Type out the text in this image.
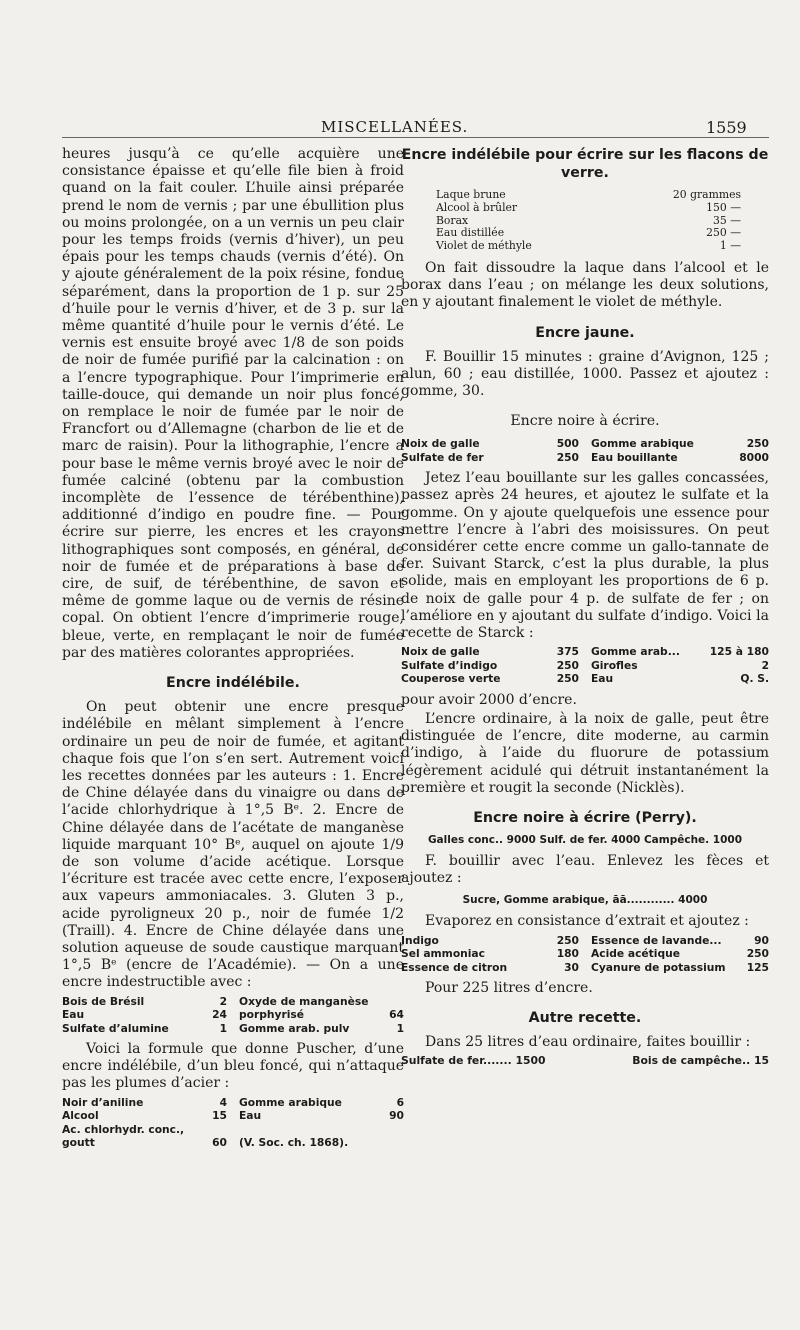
MISCELLANÉES.	1559

heures jusqu’à ce qu’elle acquière une consistance épaisse et qu’elle file bien à froid quand on la fait couler. L’huile ainsi préparée prend le nom de vernis ; par une ébullition plus ou moins prolongée, on a un vernis un peu clair pour les temps froids (vernis d’hiver), un peu épais pour les temps chauds (vernis d’été). On y ajoute généralement de la poix résine, fondue séparément, dans la proportion de 1 p. sur 25 d’huile pour le vernis d’hiver, et de 3 p. sur la même quantité d’huile pour le vernis d’été. Le vernis est ensuite broyé avec 1/8 de son poids de noir de fumée purifié par la calcination : on a l’encre typographique. Pour l’imprimerie en taille-douce, qui demande un noir plus foncé, on remplace le noir de fumée par le noir de Francfort ou d’Allemagne (charbon de lie et de marc de raisin). Pour la lithographie, l’encre a pour base le même vernis broyé avec le noir de fumée calciné (obtenu par la combustion incomplète de l’essence de térébenthine), additionné d’indigo en poudre fine. — Pour écrire sur pierre, les encres et les crayons lithographiques sont composés, en général, de noir de fumée et de préparations à base de cire, de suif, de térébenthine, de savon et même de gomme laque ou de vernis de résine copal. On obtient l’encre d’imprimerie rouge, bleue, verte, en remplaçant le noir de fumée par des matières colorantes appropriées.

Encre indélébile.

On peut obtenir une encre presque indélébile en mêlant simplement à l’encre ordinaire un peu de noir de fumée, et agitant chaque fois que l’on s’en sert. Autrement voici les recettes données par les auteurs : 1. Encre de Chine délayée dans du vinaigre ou dans de l’acide chlorhydrique à 1°,5 Bᵉ. 2. Encre de Chine délayée dans de l’acétate de manganèse liquide marquant 10° Bᵉ, auquel on ajoute 1/9 de son volume d’acide acétique. Lorsque l’écriture est tracée avec cette encre, l’exposer aux vapeurs ammoniacales. 3. Gluten 3 p., acide pyroligneux 20 p., noir de fumée 1/2 (Traill). 4. Encre de Chine délayée dans une solution aqueuse de soude caustique marquant 1°,5 Bᵉ (encre de l’Académie). — On a une encre indestructible avec :

Bois de Brésil	2 Oxyde de manganèse
Eau	24 porphyrisé	64
Sulfate d’alumine	1 Gomme arab. pulv	1

Voici la formule que donne Puscher, d’une encre indélébile, d’un bleu foncé, qui n’attaque pas les plumes d’acier :

Noir d’aniline	4 Gomme arabique	6
Alcool	15 Eau	90
Ac. chlorhydr. conc.,
goutt	60 (V. Soc. ch. 1868).
Encre indélébile pour écrire sur les flacons de verre.
Laque brune	20 grammes
Alcool à brûler	150 —
Borax	35 —
Eau distillée	250 —
Violet de méthyle	1 —

On fait dissoudre la laque dans l’alcool et le borax dans l’eau ; on mélange les deux solutions, en y ajoutant finalement le violet de méthyle.

Encre jaune.

F. Bouillir 15 minutes : graine d’Avignon, 125 ; alun, 60 ; eau distillée, 1000. Passez et ajoutez : gomme, 30.

Encre noire à écrire.
Noix de galle	500 Gomme arabique	250
Sulfate de fer	250 Eau bouillante	8000

Jetez l’eau bouillante sur les galles concassées, passez après 24 heures, et ajoutez le sulfate et la gomme. On y ajoute quelquefois une essence pour mettre l’encre à l’abri des moisissures. On peut considérer cette encre comme un gallo-tannate de fer. Suivant Starck, c’est la plus durable, la plus solide, mais en employant les proportions de 6 p. de noix de galle pour 4 p. de sulfate de fer ; on l’améliore en y ajoutant du sulfate d’indigo. Voici la recette de Starck :

Noix de galle	375 Gomme arab...	125 à 180
Sulfate d’indigo	250 Girofles	2
Couperose verte	250 Eau	Q. S.

pour avoir 2000 d’encre.

L’encre ordinaire, à la noix de galle, peut être distinguée de l’encre, dite moderne, au carmin d’indigo, à l’aide du fluorure de potassium légèrement acidulé qui détruit instantanément la première et rougit la seconde (Nicklès).

Encre noire à écrire (Perry).
Galles conc.. 9000 Sulf. de fer. 4000 Campêche. 1000

F. bouillir avec l’eau. Enlevez les fèces et ajoutez :

Sucre, Gomme arabique, āā............ 4000

Evaporez en consistance d’extrait et ajoutez :

Indigo	250 Essence de lavande...	90
Sel ammoniac	180 Acide acétique	250
Essence de citron	30 Cyanure de potassium 125

Pour 225 litres d’encre.

Autre recette.

Dans 25 litres d’eau ordinaire, faites bouillir :

Sulfate de fer....... 1500	Bois de campêche.. 15
